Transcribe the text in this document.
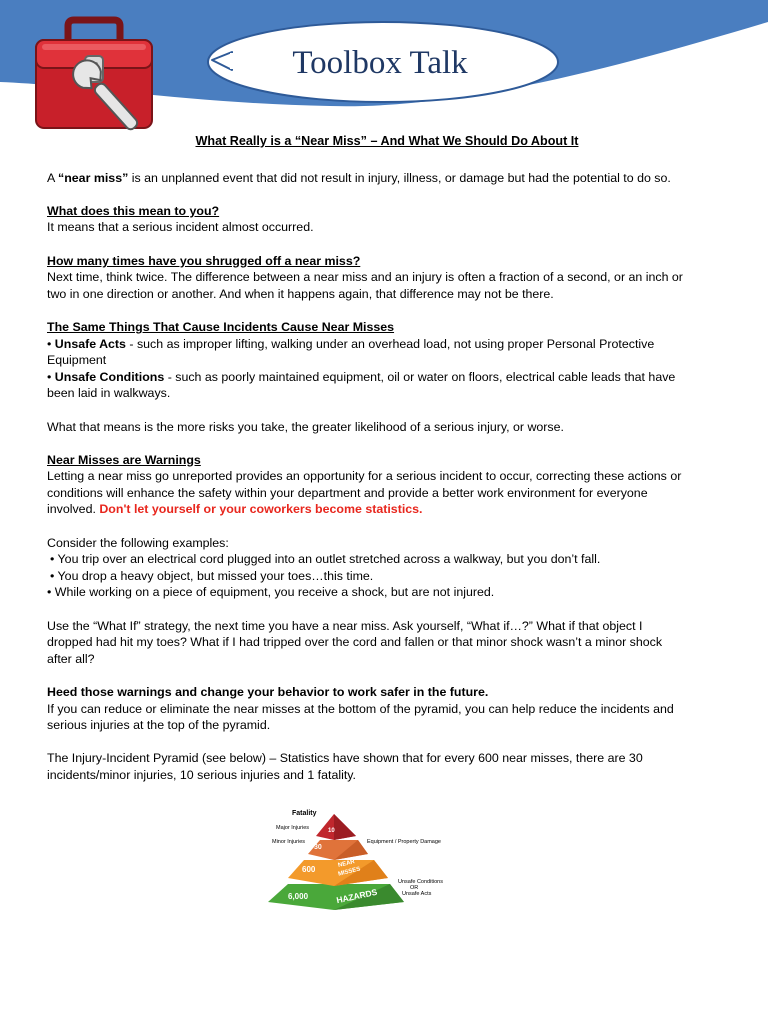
Toolbox Talk
What Really is a “Near Miss” – And What We Should Do About It

A “near miss” is an unplanned event that did not result in injury, illness, or damage but had the potential to do so.

What does this mean to you?

It means that a serious incident almost occurred.

How many times have you shrugged off a near miss?

Next time, think twice. The difference between a near miss and an injury is often a fraction of a second, or an inch or

two in one direction or another. And when it happens again, that difference may not be there.

The Same Things That Cause Incidents Cause Near Misses

• Unsafe Acts - such as improper lifting, walking under an overhead load, not using proper Personal Protective

Equipment

• Unsafe Conditions - such as poorly maintained equipment, oil or water on floors, electrical cable leads that have

been laid in walkways.

What that means is the more risks you take, the greater likelihood of a serious injury, or worse.

Near Misses are Warnings

Letting a near miss go unreported provides an opportunity for a serious incident to occur, correcting these actions or

conditions will enhance the safety within your department and provide a better work environment for everyone

involved. Don't let yourself or your coworkers become statistics.

Consider the following examples:

• You trip over an electrical cord plugged into an outlet stretched across a walkway, but you don’t fall.

• You drop a heavy object, but missed your toes…this time.

• While working on a piece of equipment, you receive a shock, but are not injured.

Use the “What If” strategy, the next time you have a near miss. Ask yourself, “What if…?” What if that object I

dropped had hit my toes? What if I had tripped over the cord and fallen or that minor shock wasn’t a minor shock

after all?

Heed those warnings and change your behavior to work safer in the future.

If you can reduce or eliminate the near misses at the bottom of the pyramid, you can help reduce the incidents and

serious injuries at the top of the pyramid.

The Injury-Incident Pyramid (see below) – Statistics have shown that for every 600 near misses, there are 30

incidents/minor injuries, 10 serious injuries and 1 fatality.

Fatality
Major Injuries
Minor Injuries	Equipment / Property Damage
10
30
600
NEAR
MISSES
6,000	HAZARDS
Unsafe Conditions
OR
Unsafe Acts
